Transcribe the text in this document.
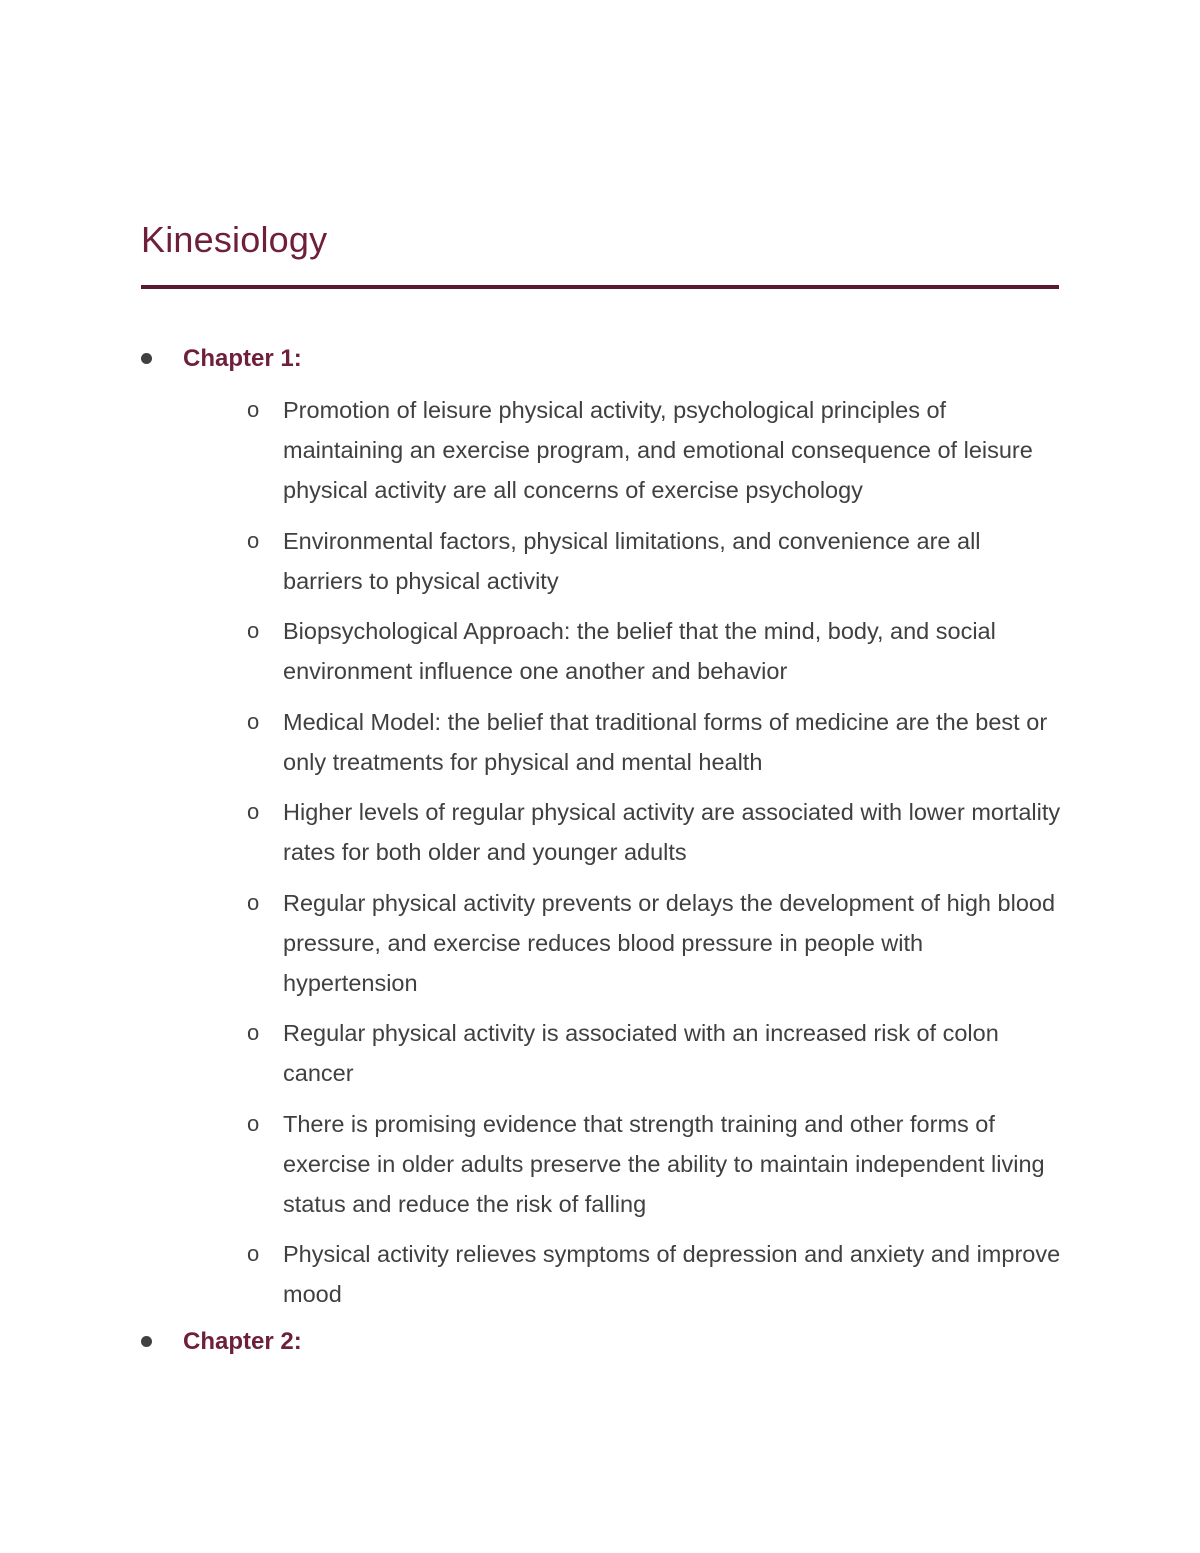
Kinesiology
Chapter 1:
o Promotion of leisure physical activity, psychological principles of maintaining an exercise program, and emotional consequence of leisure physical activity are all concerns of exercise psychology
o Environmental factors, physical limitations, and convenience are all barriers to physical activity
o Biopsychological Approach: the belief that the mind, body, and social environment influence one another and behavior
o Medical Model: the belief that traditional forms of medicine are the best or only treatments for physical and mental health
o Higher levels of regular physical activity are associated with lower mortality rates for both older and younger adults
o Regular physical activity prevents or delays the development of high blood pressure, and exercise reduces blood pressure in people with hypertension
o Regular physical activity is associated with an increased risk of colon cancer
o There is promising evidence that strength training and other forms of exercise in older adults preserve the ability to maintain independent living status and reduce the risk of falling
o Physical activity relieves symptoms of depression and anxiety and improve mood
Chapter 2:
